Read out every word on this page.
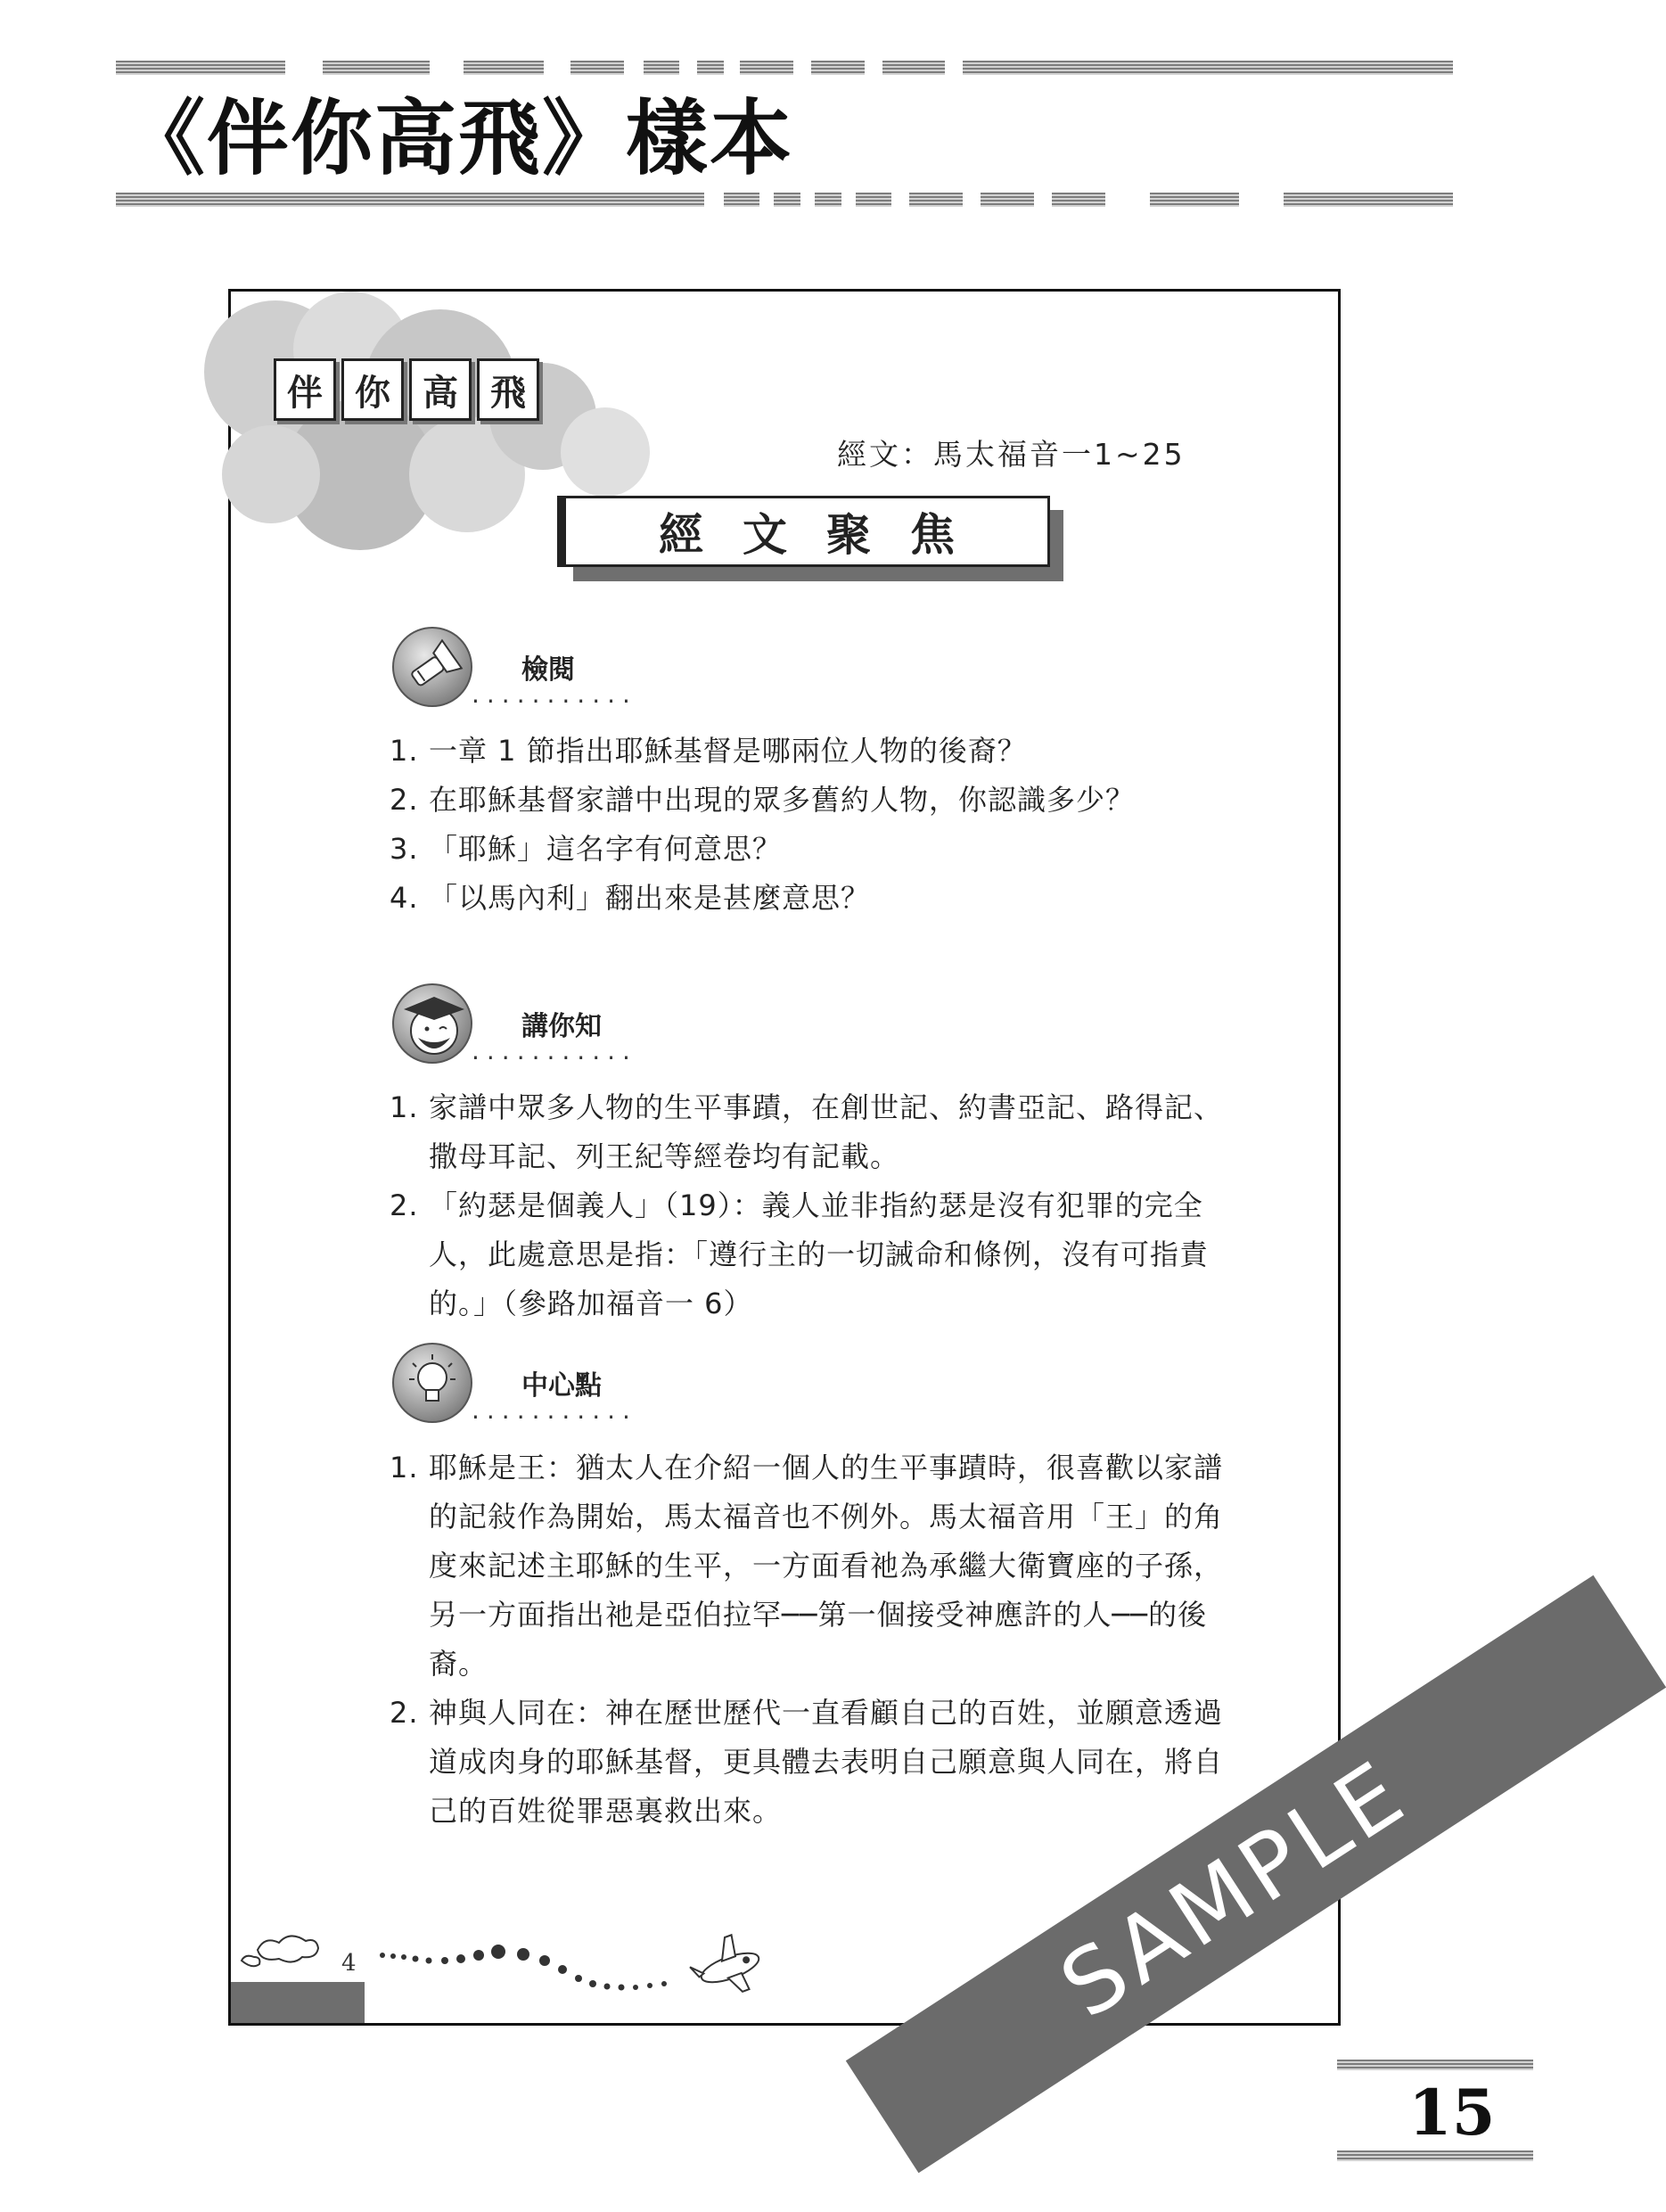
《伴你高飛》樣本
伴 你 高 飛
經文：馬太福音一1~25
經文聚焦
檢閱
...........
1. 一章 1 節指出耶穌基督是哪兩位人物的後裔？
2. 在耶穌基督家譜中出現的眾多舊約人物，你認識多少？
3. 「耶穌」這名字有何意思？
4. 「以馬內利」翻出來是甚麼意思？
講你知
...........
1. 家譜中眾多人物的生平事蹟，在創世記、約書亞記、路得記、撒母耳記、列王紀等經卷均有記載。
2. 「約瑟是個義人」（19）：義人並非指約瑟是沒有犯罪的完全人，此處意思是指：「遵行主的一切誡命和條例，沒有可指責的。」（參路加福音一 6）
中心點
...........
1. 耶穌是王：猶太人在介紹一個人的生平事蹟時，很喜歡以家譜的記敍作為開始，馬太福音也不例外。馬太福音用「王」的角度來記述主耶穌的生平，一方面看祂為承繼大衛寶座的子孫，另一方面指出祂是亞伯拉罕──第一個接受神應許的人──的後裔。
2. 神與人同在：神在歷世歷代一直看顧自己的百姓，並願意透過道成肉身的耶穌基督，更具體去表明自己願意與人同在，將自己的百姓從罪惡裏救出來。
4	SAMPLE
15
